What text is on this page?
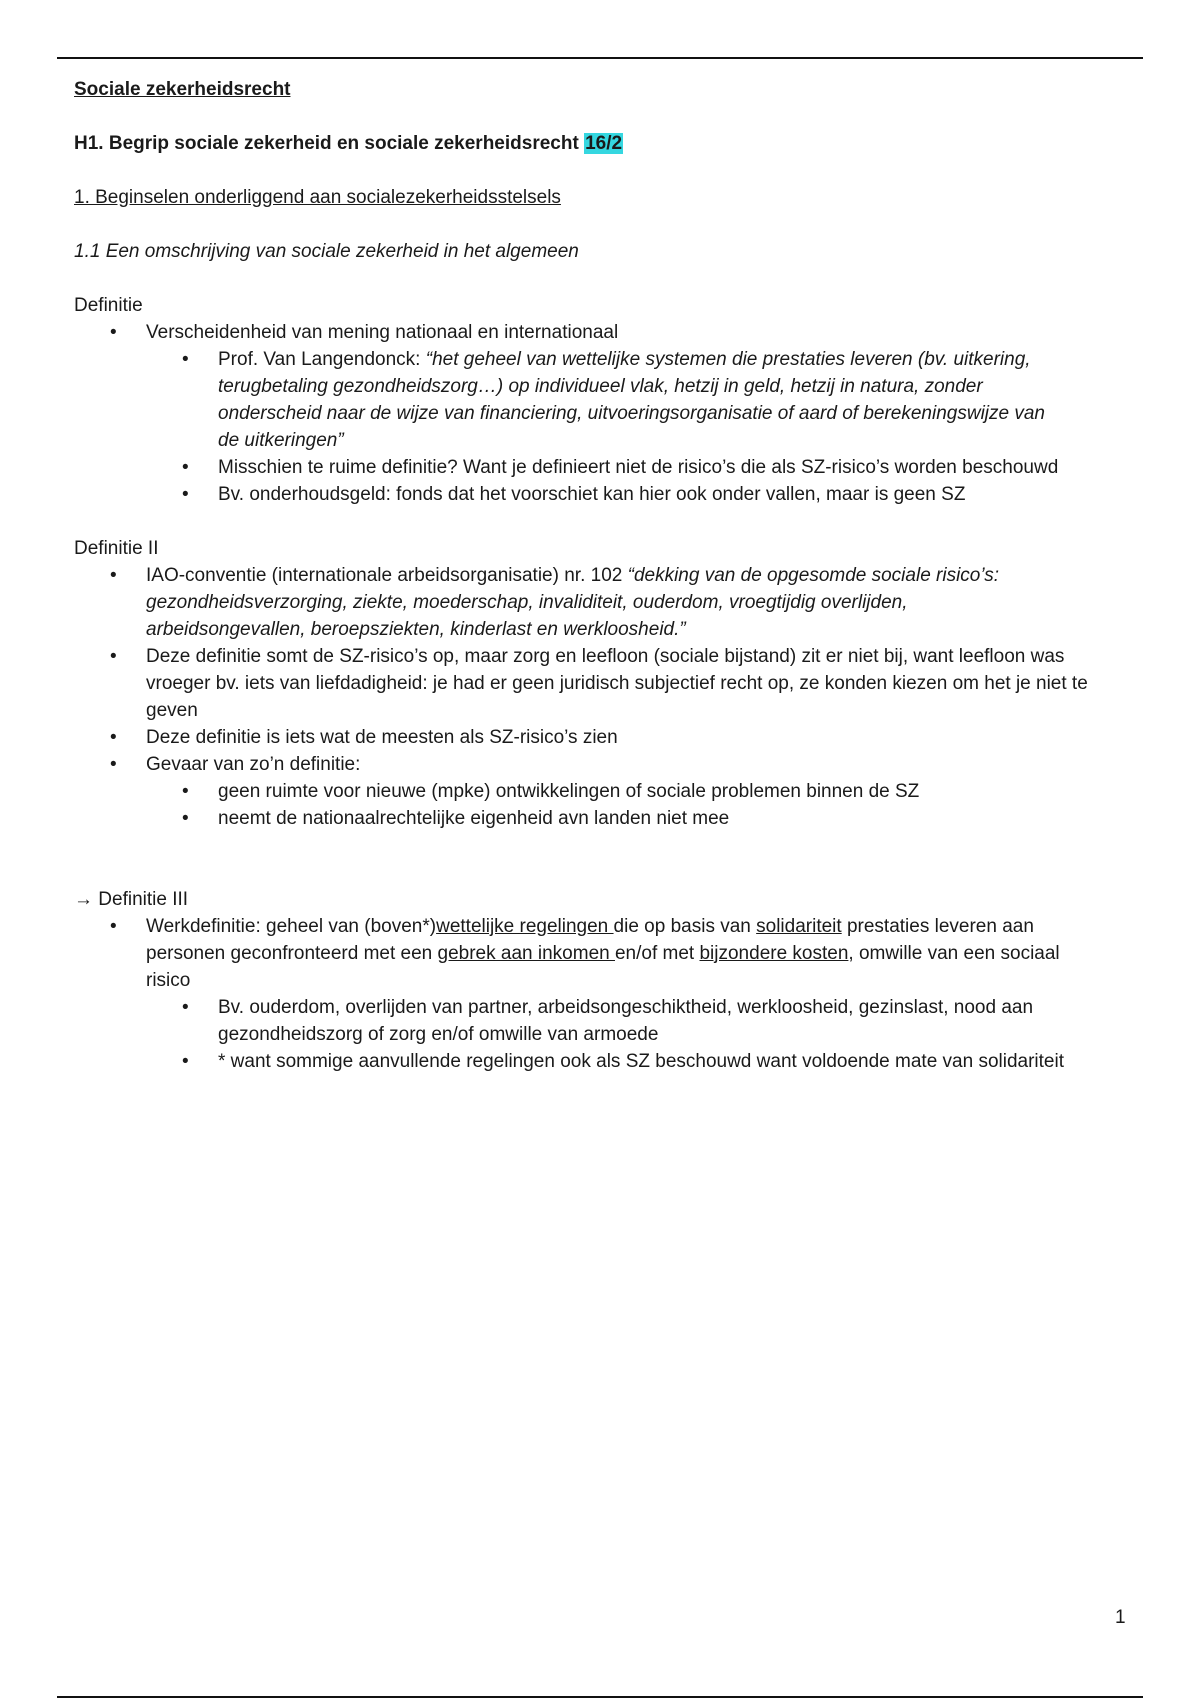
Sociale zekerheidsrecht

H1. Begrip sociale zekerheid en sociale zekerheidsrecht 16/2

1. Beginselen onderliggend aan socialezekerheidsstelsels

1.1 Een omschrijving van sociale zekerheid in het algemeen

Definitie

• Verscheidenheid van mening nationaal en internationaal
• Prof. Van Langendonck: “het geheel van wettelijke systemen die prestaties leveren (bv. uitkering, terugbetaling gezondheidszorg…) op individueel vlak, hetzij in geld, hetzij in natura, zonder onderscheid naar de wijze van financiering, uitvoeringsorganisatie of aard of berekeningswijze van de uitkeringen”
• Misschien te ruime definitie? Want je definieert niet de risico’s die als SZ-risico’s worden beschouwd
• Bv. onderhoudsgeld: fonds dat het voorschiet kan hier ook onder vallen, maar is geen SZ

Definitie II

• IAO-conventie (internationale arbeidsorganisatie) nr. 102 “dekking van de opgesomde sociale risico’s: gezondheidsverzorging, ziekte, moederschap, invaliditeit, ouderdom, vroegtijdig overlijden, arbeidsongevallen, beroepsziekten, kinderlast en werkloosheid.”
• Deze definitie somt de SZ-risico’s op, maar zorg en leefloon (sociale bijstand) zit er niet bij, want leefloon was vroeger bv. iets van liefdadigheid: je had er geen juridisch subjectief recht op, ze konden kiezen om het je niet te geven
• Deze definitie is iets wat de meesten als SZ-risico’s zien
• Gevaar van zo’n definitie:
• geen ruimte voor nieuwe (mpke) ontwikkelingen of sociale problemen binnen de SZ
• neemt de nationaalrechtelijke eigenheid avn landen niet mee

→ Definitie III

• Werkdefinitie: geheel van (boven*)wettelijke regelingen die op basis van solidariteit prestaties leveren aan personen geconfronteerd met een gebrek aan inkomen en/of met bijzondere kosten, omwille van een sociaal risico
• Bv. ouderdom, overlijden van partner, arbeidsongeschiktheid, werkloosheid, gezinslast, nood aan gezondheidszorg of zorg en/of omwille van armoede
• * want sommige aanvullende regelingen ook als SZ beschouwd want voldoende mate van solidariteit
1
